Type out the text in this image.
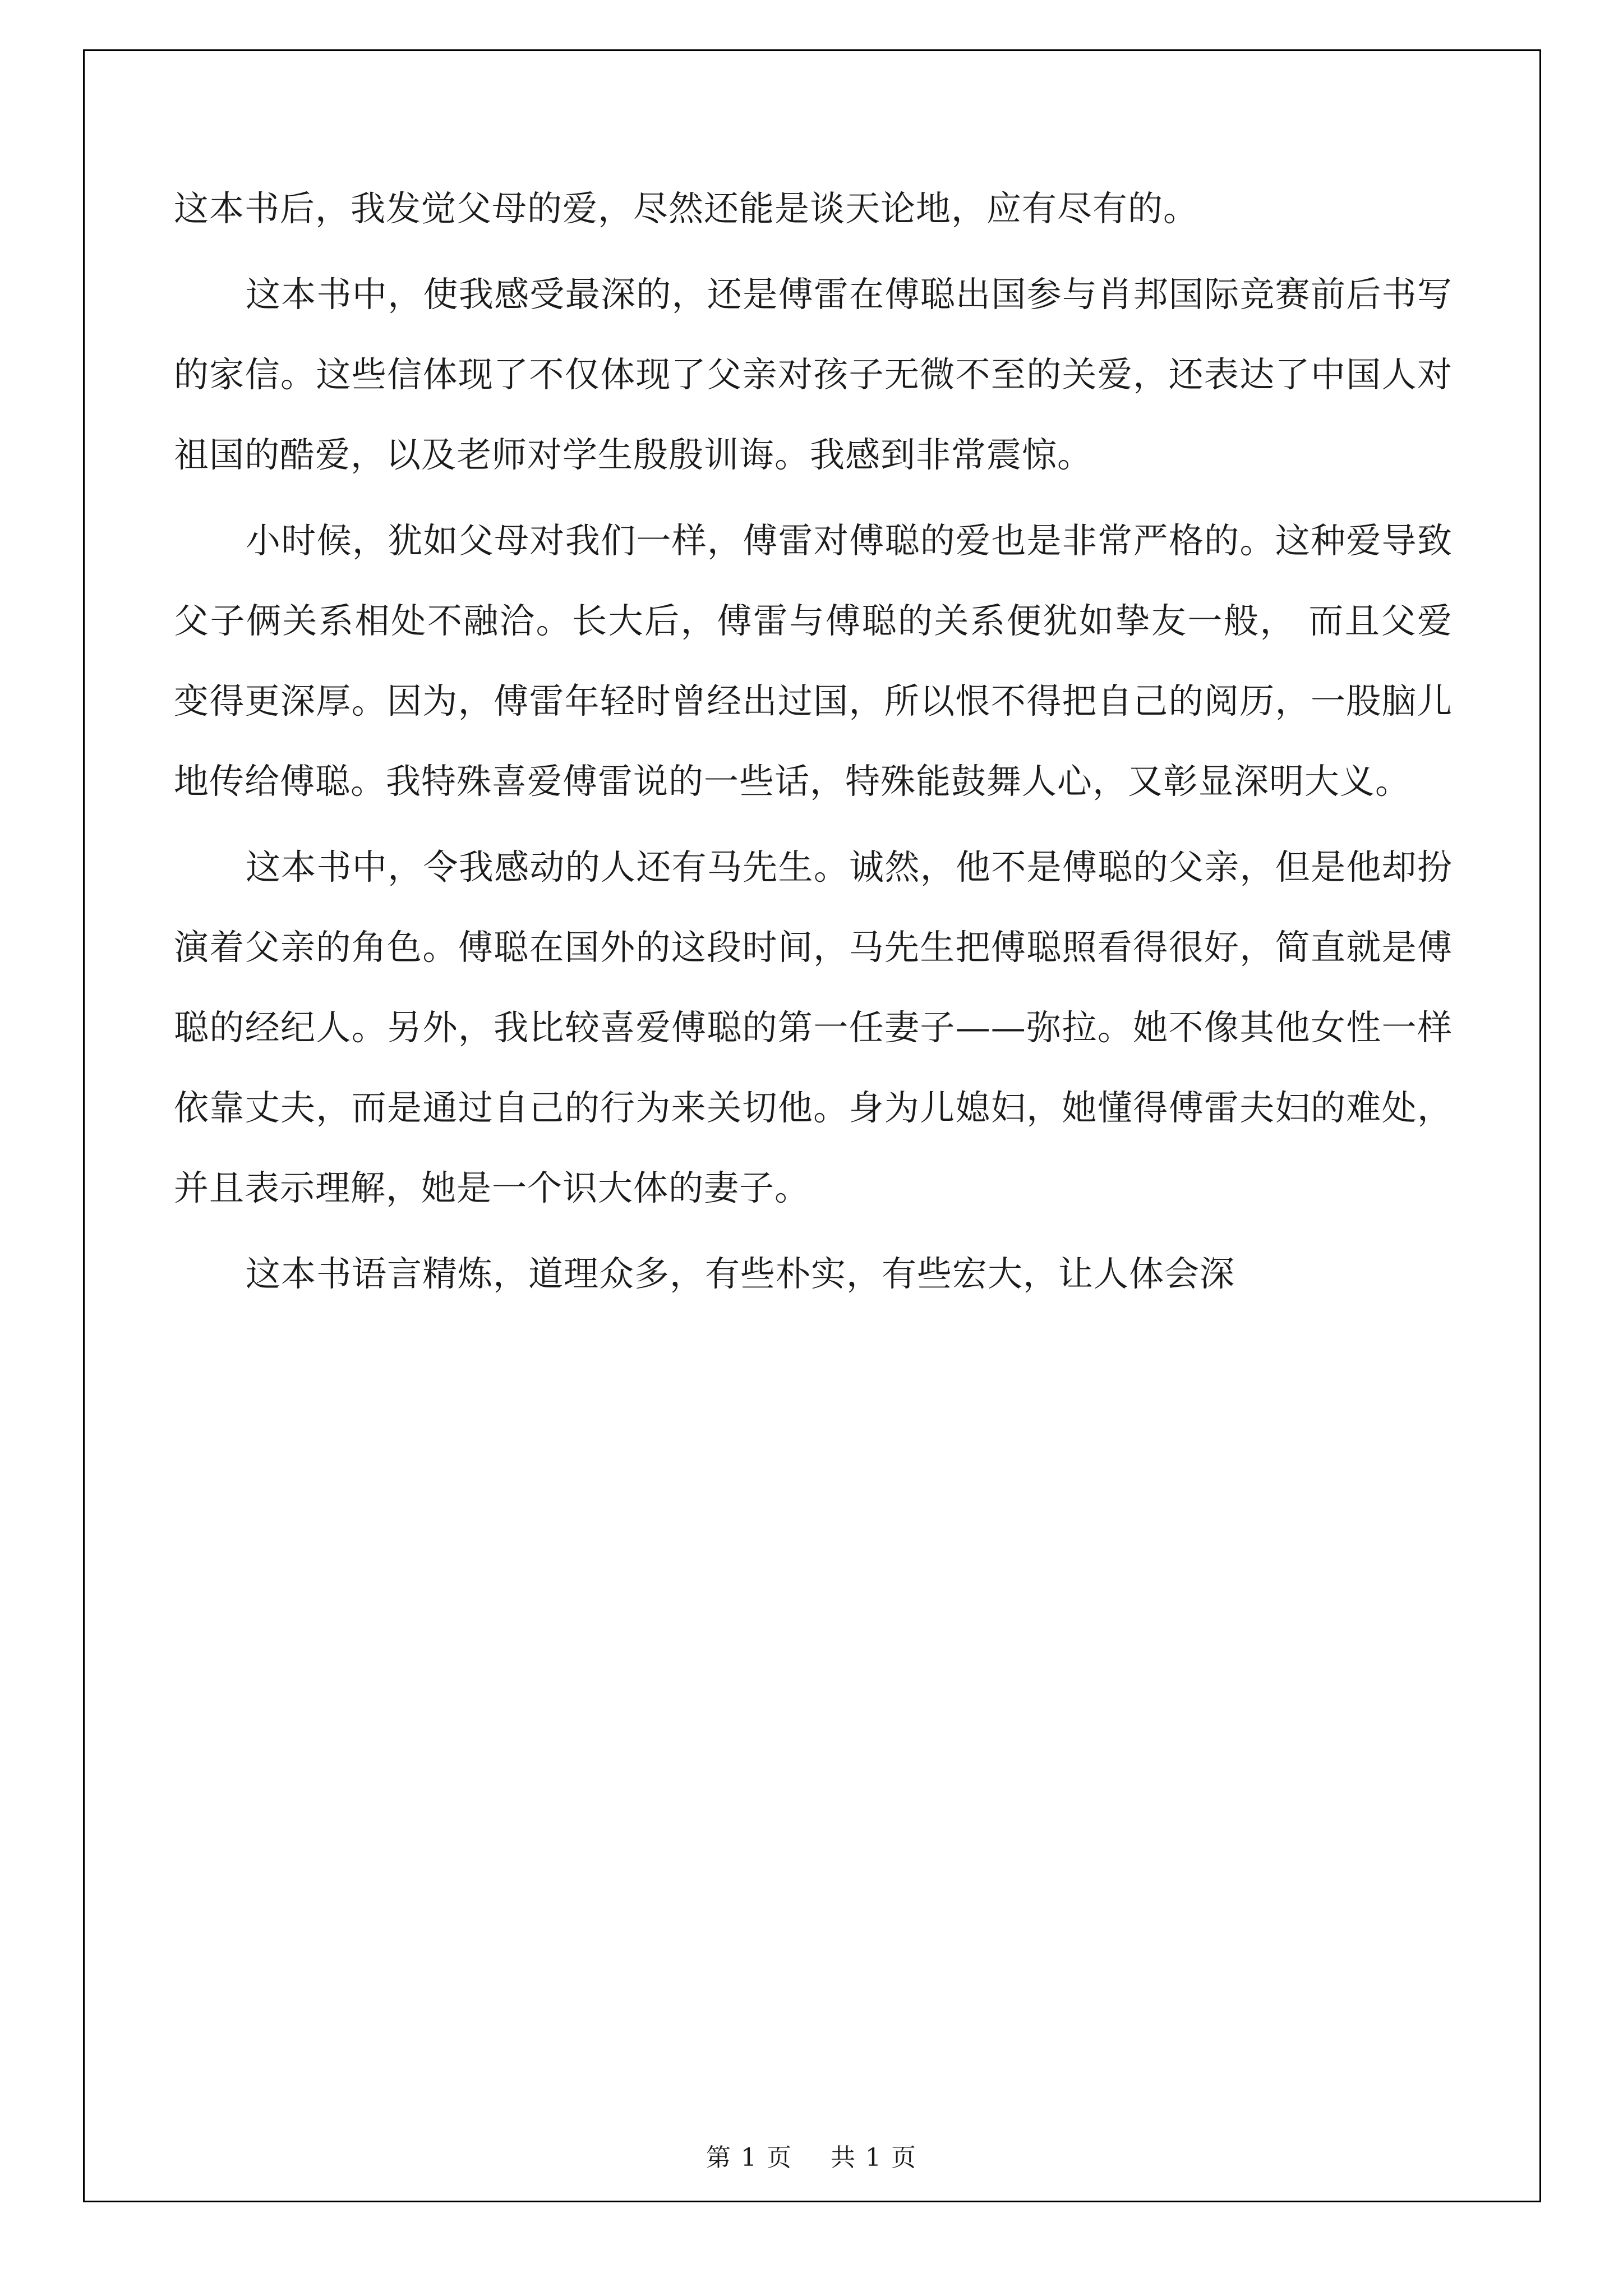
这本书后，我发觉父母的爱，尽然还能是谈天论地，应有尽有的。

这本书中，使我感受最深的，还是傅雷在傅聪出国参与肖邦国际竞赛前后书写的家信。这些信体现了不仅体现了父亲对孩子无微不至的关爱，还表达了中国人对祖国的酷爱，以及老师对学生殷殷训诲。我感到非常震惊。

小时候，犹如父母对我们一样，傅雷对傅聪的爱也是非常严格的。这种爱导致父子俩关系相处不融洽。长大后，傅雷与傅聪的关系便犹如挚友一般， 而且父爱变得更深厚。因为，傅雷年轻时曾经出过国，所以恨不得把自己的阅历，一股脑儿地传给傅聪。我特殊喜爱傅雷说的一些话，特殊能鼓舞人心，又彰显深明大义。

这本书中，令我感动的人还有马先生。诚然，他不是傅聪的父亲，但是他却扮演着父亲的角色。傅聪在国外的这段时间，马先生把傅聪照看得很好，简直就是傅聪的经纪人。另外，我比较喜爱傅聪的第一任妻子——弥拉。她不像其他女性一样依靠丈夫，而是通过自己的行为来关切他。身为儿媳妇，她懂得傅雷夫妇的难处，并且表示理解，她是一个识大体的妻子。

这本书语言精炼，道理众多，有些朴实，有些宏大，让人体会深

第 1 页 共 1 页
